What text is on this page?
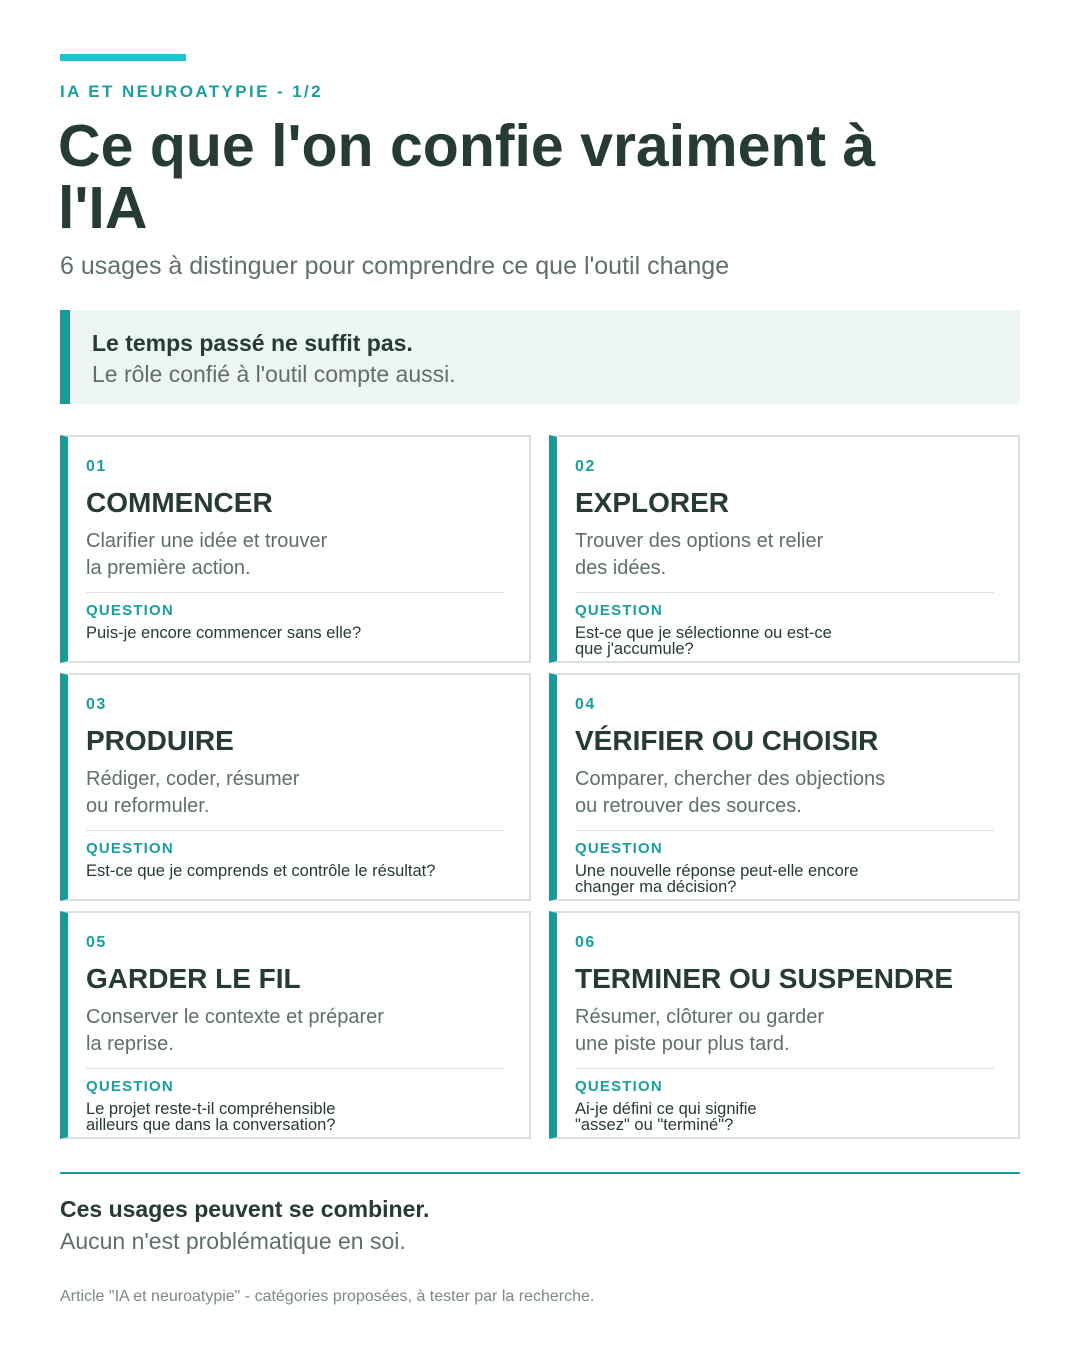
IA ET NEUROATYPIE - 1/2
Ce que l'on confie vraiment à l'IA
6 usages à distinguer pour comprendre ce que l'outil change
Le temps passé ne suffit pas.
Le rôle confié à l'outil compte aussi.
01
COMMENCER
Clarifier une idée et trouver
la première action.
QUESTION
Puis-je encore commencer sans elle?
02
EXPLORER
Trouver des options et relier
des idées.
QUESTION
Est-ce que je sélectionne ou est-ce
que j'accumule?
03
PRODUIRE
Rédiger, coder, résumer
ou reformuler.
QUESTION
Est-ce que je comprends et contrôle le résultat?
04
VÉRIFIER OU CHOISIR
Comparer, chercher des objections
ou retrouver des sources.
QUESTION
Une nouvelle réponse peut-elle encore
changer ma décision?
05
GARDER LE FIL
Conserver le contexte et préparer
la reprise.
QUESTION
Le projet reste-t-il compréhensible
ailleurs que dans la conversation?
06
TERMINER OU SUSPENDRE
Résumer, clôturer ou garder
une piste pour plus tard.
QUESTION
Ai-je défini ce qui signifie
"assez" ou "terminé"?
Ces usages peuvent se combiner.
Aucun n'est problématique en soi.
Article "IA et neuroatypie" - catégories proposées, à tester par la recherche.
